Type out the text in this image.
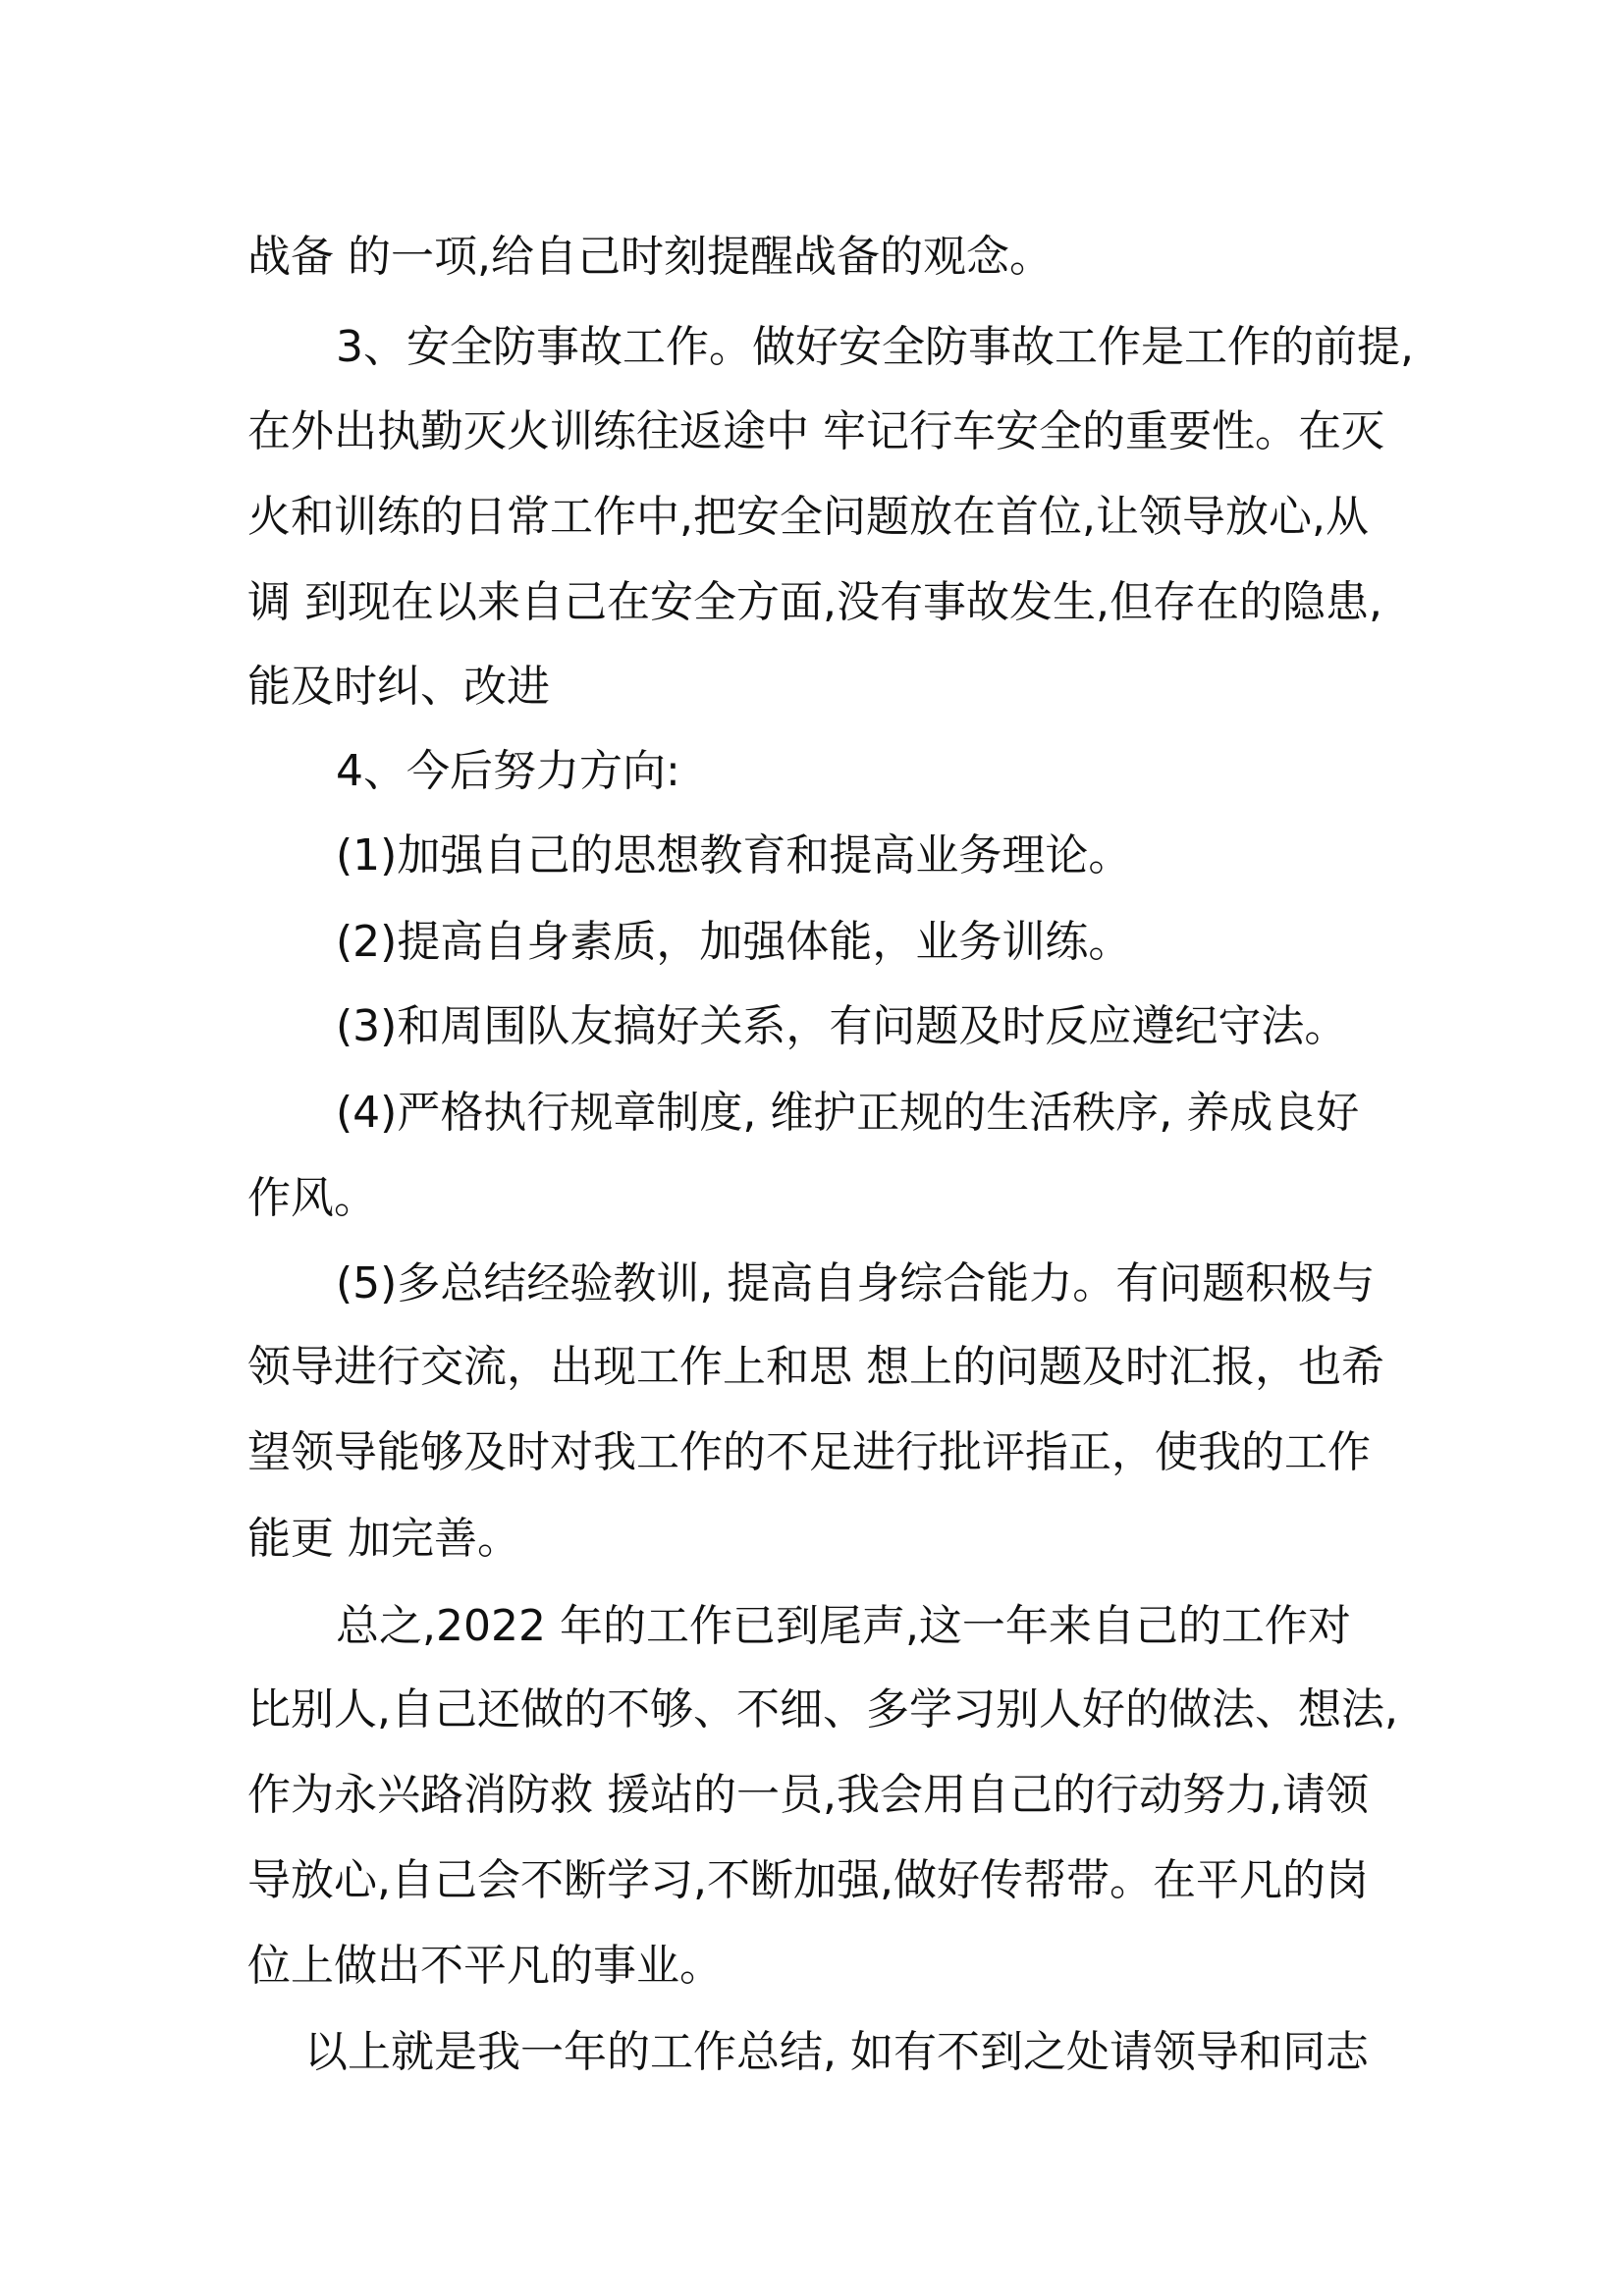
战备 的一项,给自己时刻提醒战备的观念。
3、安全防事故工作。做好安全防事故工作是工作的前提,
在外出执勤灭火训练往返途中 牢记行车安全的重要性。在灭
火和训练的日常工作中,把安全问题放在首位,让领导放心,从
调 到现在以来自己在安全方面,没有事故发生,但存在的隐患,
能及时纠、改进
4、今后努力方向:
(1)加强自己的思想教育和提高业务理论。
(2)提高自身素质，加强体能，业务训练。
(3)和周围队友搞好关系，有问题及时反应遵纪守法。
(4)严格执行规章制度, 维护正规的生活秩序, 养成良好
作风。
(5)多总结经验教训, 提高自身综合能力。有问题积极与
领导进行交流，出现工作上和思 想上的问题及时汇报，也希
望领导能够及时对我工作的不足进行批评指正，使我的工作
能更 加完善。
总之,2022 年的工作已到尾声,这一年来自己的工作对
比别人,自己还做的不够、不细、多学习别人好的做法、想法,
作为永兴路消防救 援站的一员,我会用自己的行动努力,请领
导放心,自己会不断学习,不断加强,做好传帮带。在平凡的岗
位上做出不平凡的事业。
以上就是我一年的工作总结, 如有不到之处请领导和同志
